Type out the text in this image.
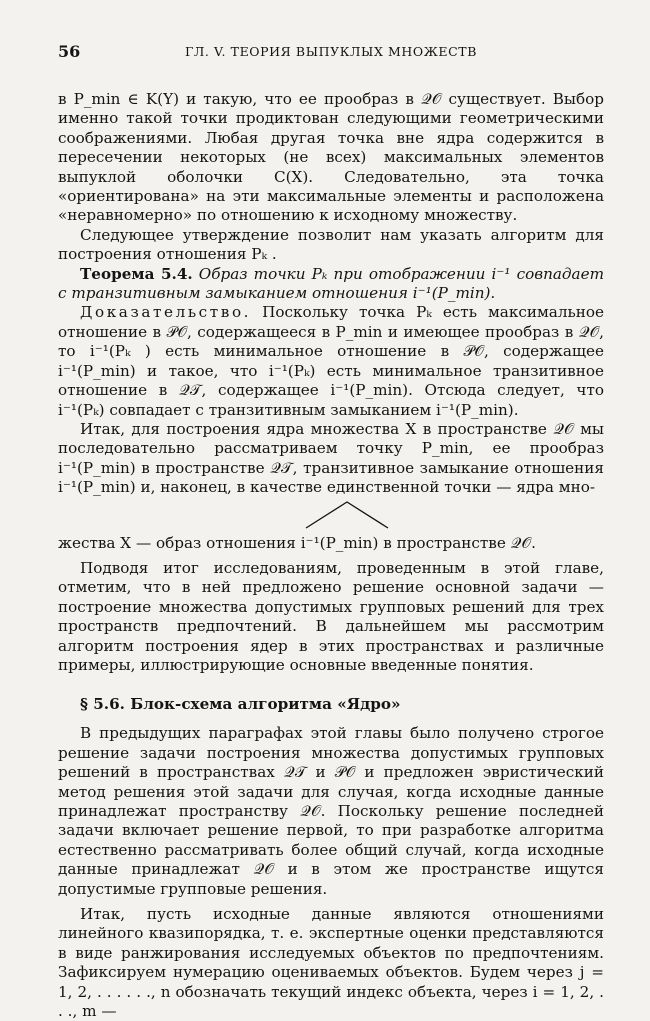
56	ГЛ. V. ТЕОРИЯ ВЫПУКЛЫХ МНОЖЕСТВ

в P_min ∈ K(Y) и такую, что ее прообраз в 𝒬𝒪 существует. Выбор именно такой точки продиктован следующими геометрическими соображениями. Любая другая точка вне ядра содержится в пересечении некоторых (не всех) максимальных элементов выпуклой оболочки C(X). Следовательно, эта точка «ориентирована» на эти максимальные элементы и расположена «неравномерно» по отношению к исходному множеству.

Следующее утверждение позволит нам указать алгоритм для построения отношения Pₖ .

Теорема 5.4. Образ точки Pₖ при отображении i⁻¹ совпадает с транзитивным замыканием отношения i⁻¹(P_min).

Доказательство. Поскольку точка Pₖ есть максимальное отношение в 𝒫𝒪, содержащееся в P_min и имеющее прообраз в 𝒬𝒪, то i⁻¹(Pₖ ) есть минимальное отношение в 𝒫𝒪, содержащее i⁻¹(P_min) и такое, что i⁻¹(Pₖ) есть минимальное транзитивное отношение в 𝒬𝒯, содержащее i⁻¹(P_min). Отсюда следует, что i⁻¹(Pₖ) совпадает с транзитивным замыканием i⁻¹(P_min).

Итак, для построения ядра множества X в пространстве 𝒬𝒪 мы последовательно рассматриваем точку P_min, ее прообраз i⁻¹(P_min) в пространстве 𝒬𝒯, транзитивное замыкание отношения i⁻¹(P_min) и, наконец, в качестве единственной точки — ядра мно-

жества X — образ отношения i⁻¹(P_min) в пространстве 𝒬𝒪.

Подводя итог исследованиям, проведенным в этой главе, отметим, что в ней предложено решение основной задачи — построение множества допустимых групповых решений для трех пространств предпочтений. В дальнейшем мы рассмотрим алгоритм построения ядер в этих пространствах и различные примеры, иллюстрирующие основные введенные понятия.

§ 5.6. Блок-схема алгоритма «Ядро»

В предыдущих параграфах этой главы было получено строгое решение задачи построения множества допустимых групповых решений в пространствах 𝒬𝒯 и 𝒫𝒪 и предложен эвристический метод решения этой задачи для случая, когда исходные данные принадлежат пространству 𝒬𝒪. Поскольку решение последней задачи включает решение первой, то при разработке алгоритма естественно рассматривать более общий случай, когда исходные данные принадлежат 𝒬𝒪 и в этом же пространстве ищутся допустимые групповые решения.

Итак, пусть исходные данные являются отношениями линейного квазипорядка, т. е. экспертные оценки представляются в виде ранжирования исследуемых объектов по предпочтениям. Зафиксируем нумерацию оцениваемых объектов. Будем через j = 1, 2, . . . . . ., n обозначать текущий индекс объекта, через i = 1, 2, . . ., m —
